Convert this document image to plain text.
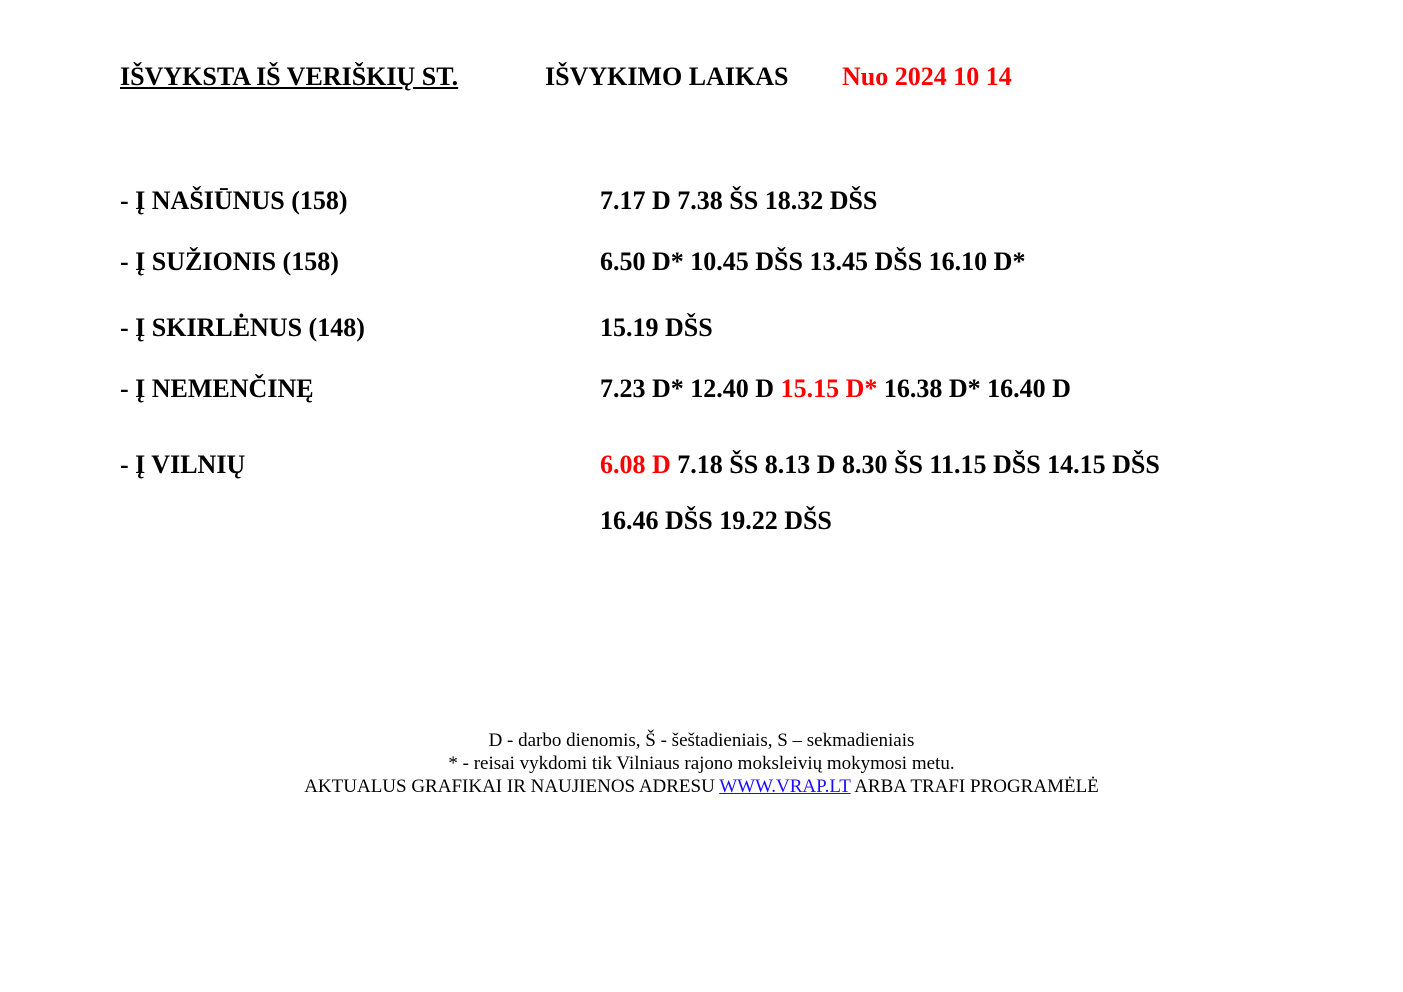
IŠVYKSTA IŠ VERIŠKIŲ ST.	IŠVYKIMO LAIKAS Nuo 2024 10 14
- Į NAŠIŪNUS (158)	7.17 D 7.38 ŠS 18.32 DŠS
- Į SUŽIONIS (158)	6.50 D* 10.45 DŠS 13.45 DŠS 16.10 D*
- Į SKIRLĖNUS (148)	15.19 DŠS
- Į NEMENČINĘ	7.23 D* 12.40 D 15.15 D* 16.38 D* 16.40 D
- Į VILNIŲ	6.08 D 7.18 ŠS 8.13 D 8.30 ŠS 11.15 DŠS 14.15 DŠS
16.46 DŠS 19.22 DŠS
D - darbo dienomis, Š - šeštadieniais, S – sekmadieniais
* - reisai vykdomi tik Vilniaus rajono moksleivių mokymosi metu.
AKTUALUS GRAFIKAI IR NAUJIENOS ADRESU WWW.VRAP.LT ARBA TRAFI PROGRAMĖLĖ
